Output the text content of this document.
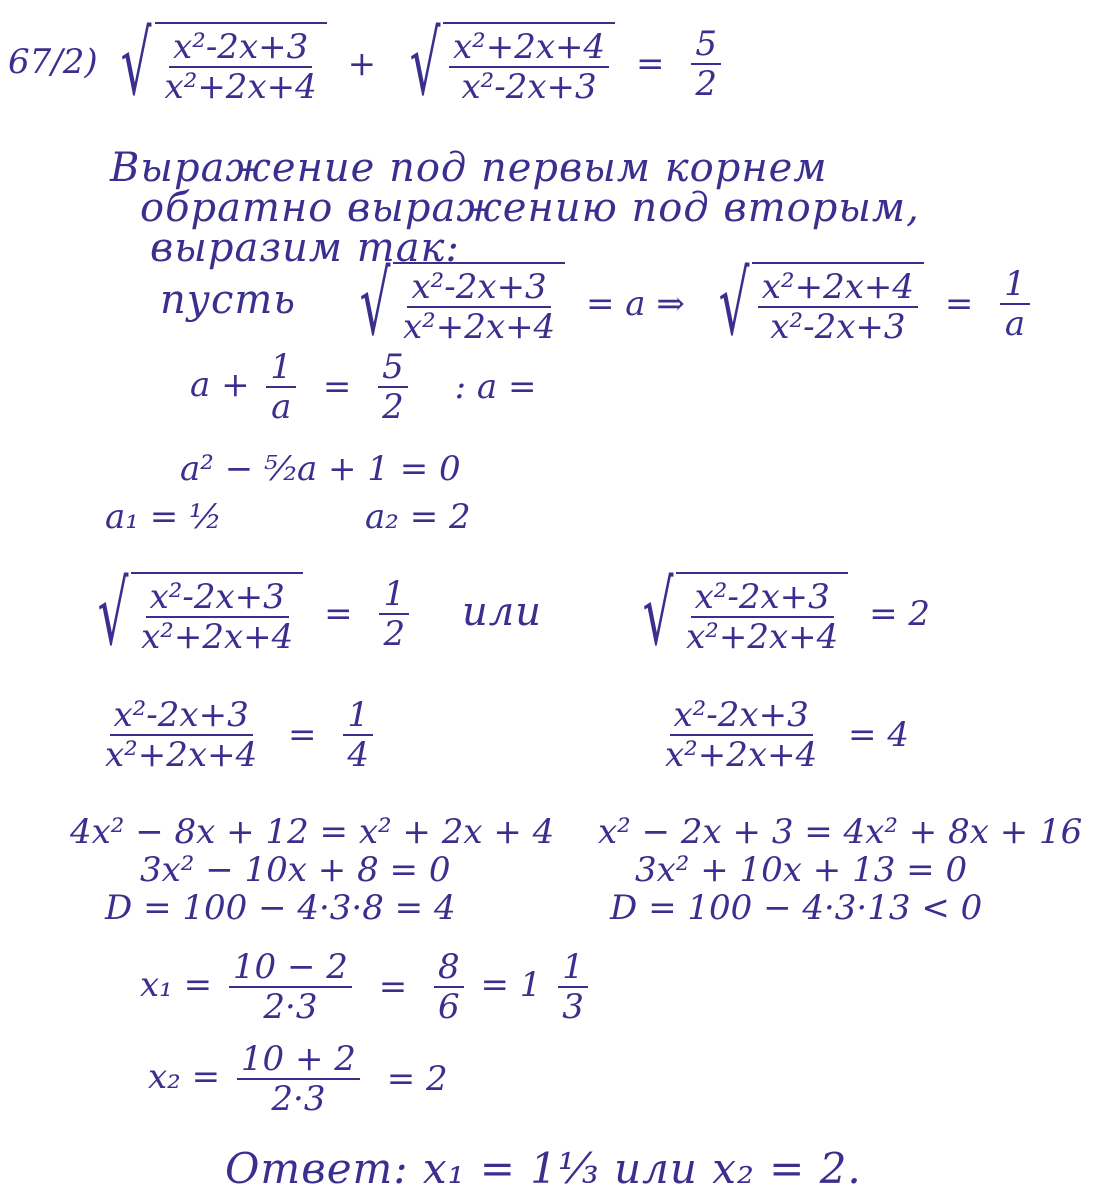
67/2) √ $\frac{\text{x²-2x+3}}{\text{x²+2x+4}}$ + √ $\frac{\text{x²+2x+4}}{\text{x²-2x+3}} = \frac{5}{2}$
Выражение под первым корнем
обратно выражению под вторым,
выразим так:
пусть √ $\frac{\text{x²-2x+3}}{\text{x²+2x+4}} = a$ ⇒ √ $\frac{\text{x²+2x+4}}{\text{x²-2x+3}} = \frac{1}{a}$
$a + \frac{1}{a} = \frac{5}{2}$ : a =
a² − ⁵⁄₂a + 1 = 0
a₁ = ½	a₂ = 2
√ $\frac{\text{x²-2x+3}}{\text{x²+2x+4}} = \frac{1}{2}$ или √ $\frac{\text{x²-2x+3}}{\text{x²+2x+4}} = 2$
$\frac{\text{x²-2x+3}}{\text{x²+2x+4}} = \frac{1}{4}$	$\frac{\text{x²-2x+3}}{\text{x²+2x+4}} = 4$
4x² − 8x + 12 = x² + 2x + 4
3x² − 10x + 8 = 0
D = 100 − 4·3·8 = 4
x² − 2x + 3 = 4x² + 8x + 16
3x² + 10x + 13 = 0
D = 100 − 4·3·13 < 0
$x_1 = \frac{10 - 2}{2\cdot 3} = \frac{8}{6} = 1 \frac{1}{3}$
$x_2 = \frac{10 + 2}{2\cdot 3} = 2$
Ответ: x₁ = 1⅓ или x₂ = 2.
